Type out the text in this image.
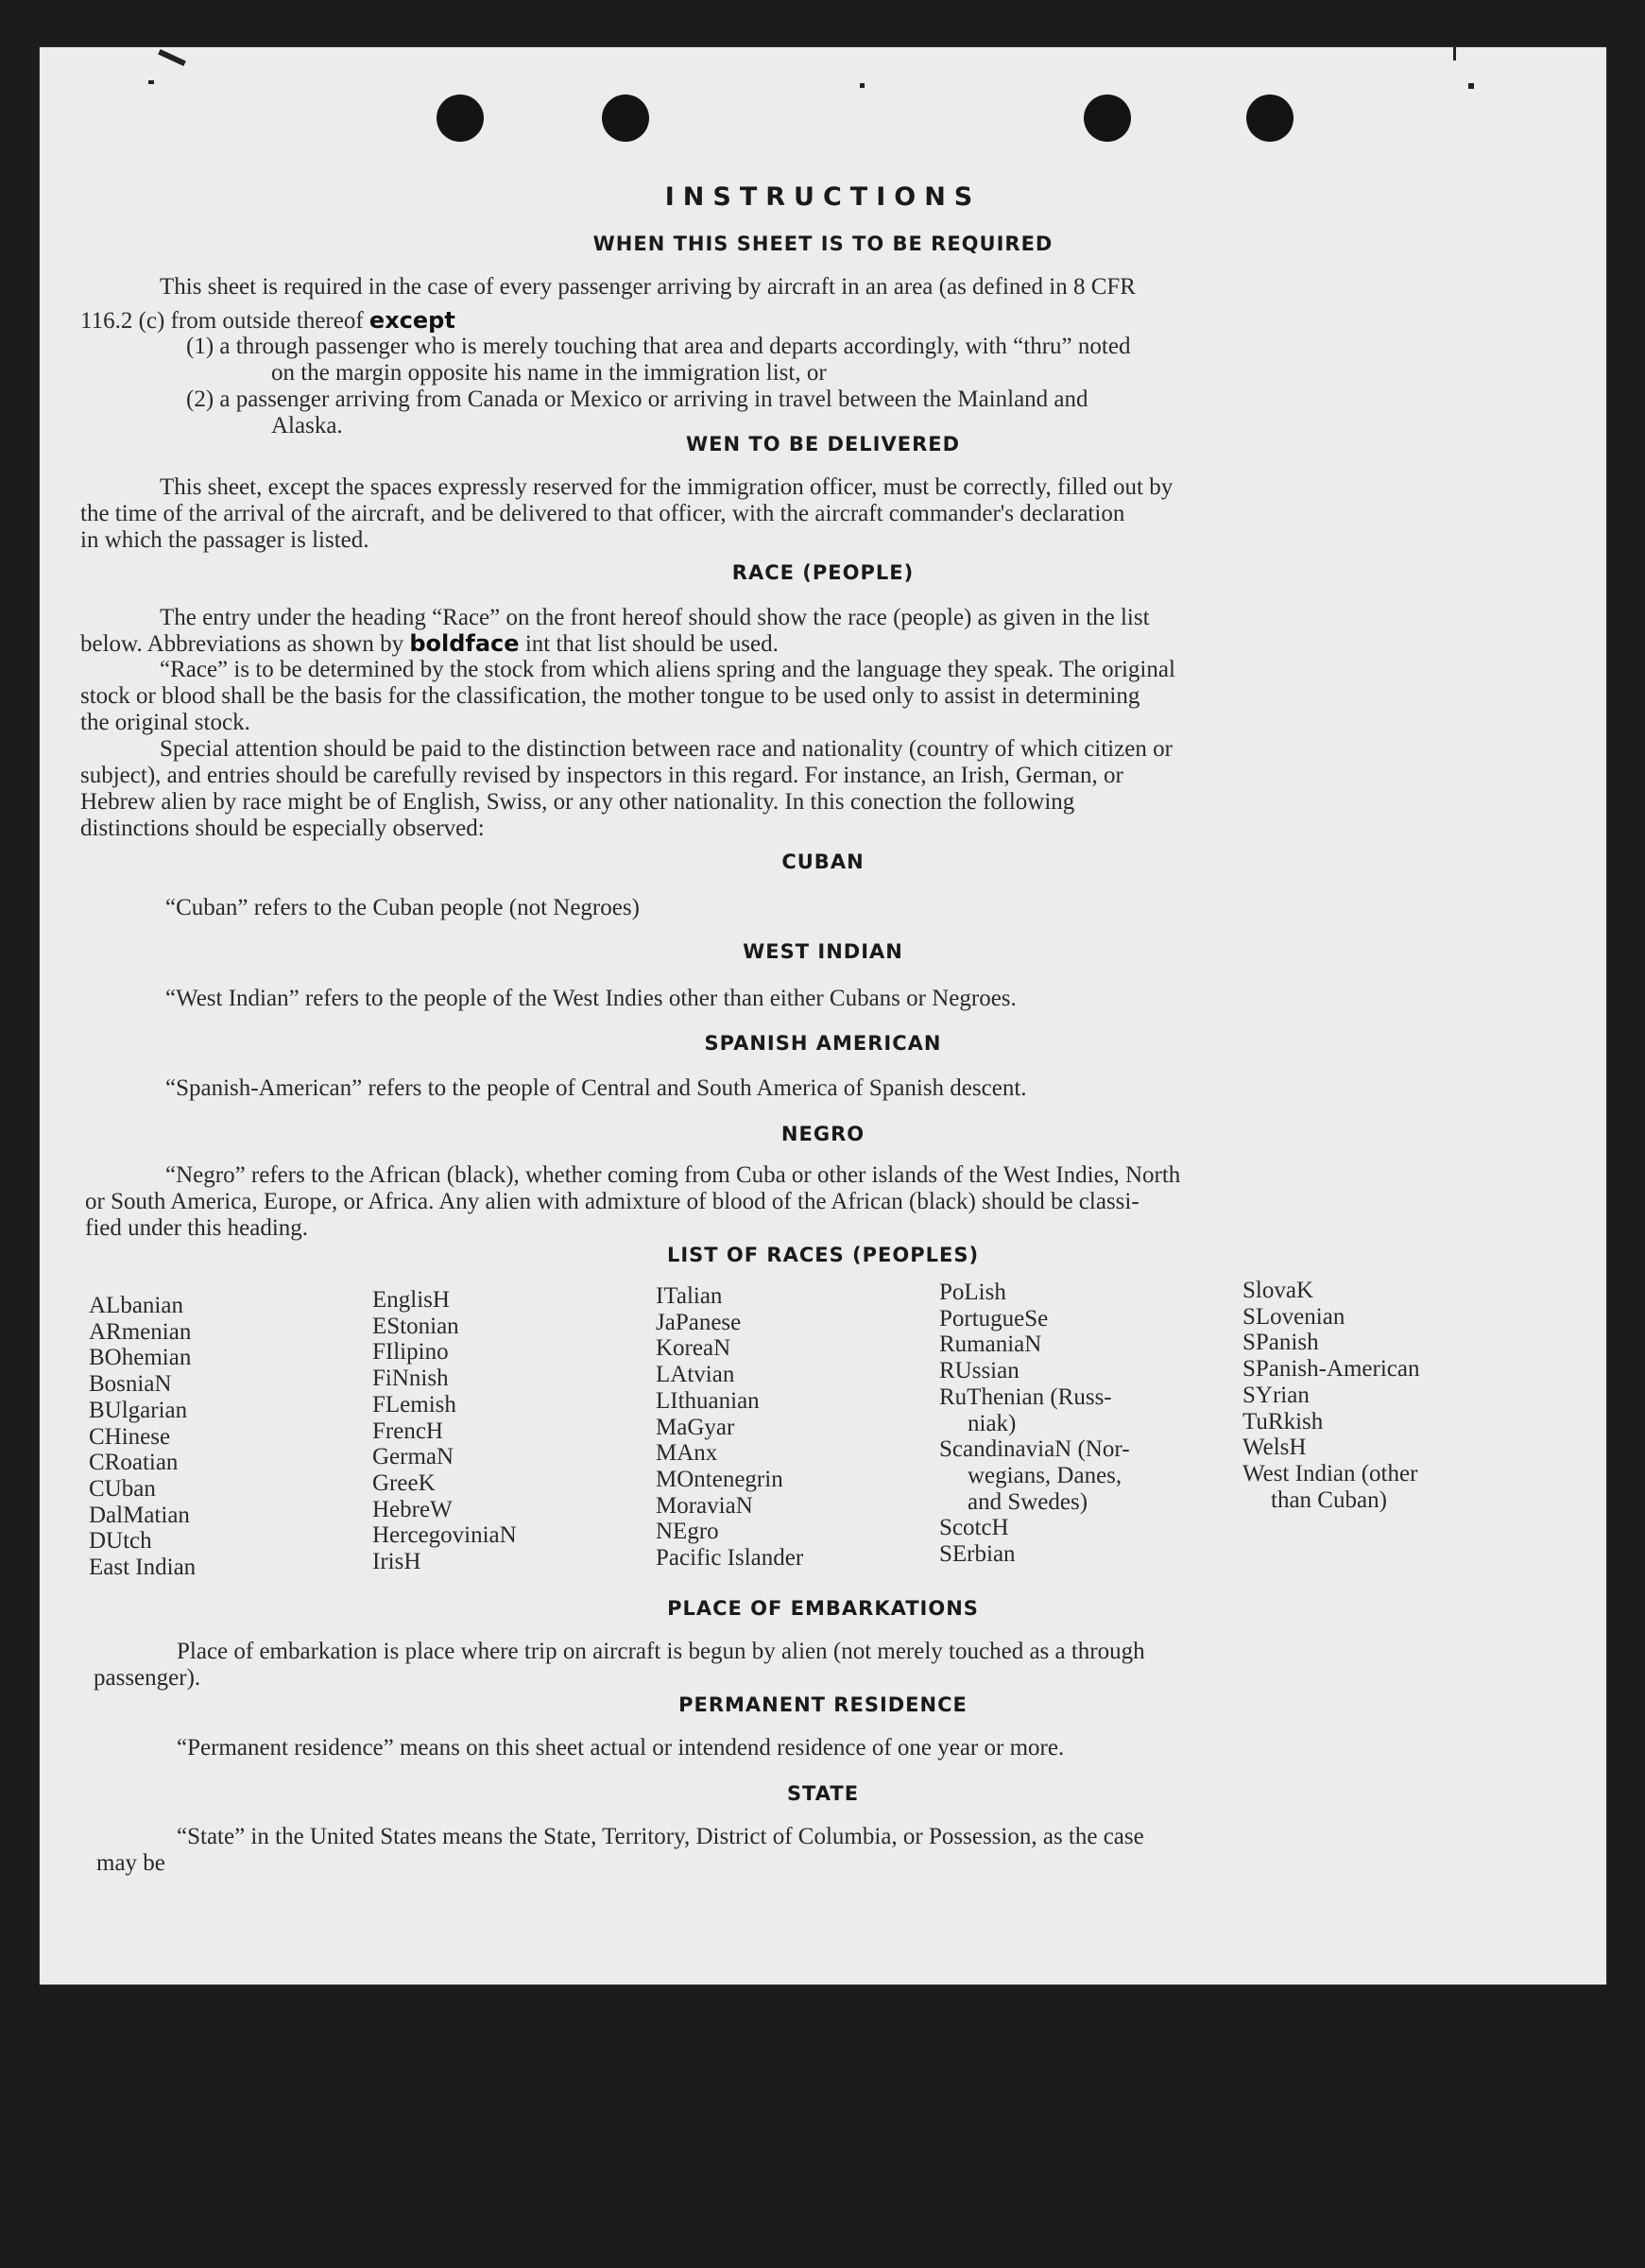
INSTRUCTIONS
WHEN THIS SHEET IS TO BE REQUIRED
This sheet is required in the case of every passenger arriving by aircraft in an area (as defined in 8 CFR
116.2 (c) from outside thereof except
(1) a through passenger who is merely touching that area and departs accordingly, with “thru” noted
on the margin opposite his name in the immigration list, or
(2) a passenger arriving from Canada or Mexico or arriving in travel between the Mainland and
Alaska.
WEN TO BE DELIVERED
This sheet, except the spaces expressly reserved for the immigration officer, must be correctly, filled out by
the time of the arrival of the aircraft, and be delivered to that officer, with the aircraft commander's declaration
in which the passager is listed.
RACE (PEOPLE)
The entry under the heading “Race” on the front hereof should show the race (people) as given in the list
below. Abbreviations as shown by boldface int that list should be used.
“Race” is to be determined by the stock from which aliens spring and the language they speak. The original
stock or blood shall be the basis for the classification, the mother tongue to be used only to assist in determining
the original stock.
Special attention should be paid to the distinction between race and nationality (country of which citizen or
subject), and entries should be carefully revised by inspectors in this regard. For instance, an Irish, German, or
Hebrew alien by race might be of English, Swiss, or any other nationality. In this conection the following
distinctions should be especially observed:
CUBAN
“Cuban” refers to the Cuban people (not Negroes)
WEST INDIAN
“West Indian” refers to the people of the West Indies other than either Cubans or Negroes.
SPANISH AMERICAN
“Spanish-American” refers to the people of Central and South America of Spanish descent.
NEGRO
“Negro” refers to the African (black), whether coming from Cuba or other islands of the West Indies, North
or South America, Europe, or Africa. Any alien with admixture of blood of the African (black) should be classi-
fied under this heading.
LIST OF RACES (PEOPLES)
ALbanian
ARmenian
BOhemian
BosniaN
BUlgarian
CHinese
CRoatian
CUban
DalMatian
DUtch
East Indian
EnglisH
EStonian
FIlipino
FiNnish
FLemish
FrencH
GermaN
GreeK
HebreW
HercegoviniaN
IrisH
ITalian
JaPanese
KoreaN
LAtvian
LIthuanian
MaGyar
MAnx
MOntenegrin
MoraviaN
NEgro
Pacific Islander
PoLish
PortugueSe
RumaniaN
RUssian
RuThenian (Russ-
niak)
ScandinaviaN (Nor-
wegians, Danes,
and Swedes)
ScotcH
SErbian
SlovaK
SLovenian
SPanish
SPanish-American
SYrian
TuRkish
WelsH
West Indian (other
than Cuban)
PLACE OF EMBARKATIONS
Place of embarkation is place where trip on aircraft is begun by alien (not merely touched as a through
passenger).
PERMANENT RESIDENCE
“Permanent residence” means on this sheet actual or intendend residence of one year or more.
STATE
“State” in the United States means the State, Territory, District of Columbia, or Possession, as the case
may be
